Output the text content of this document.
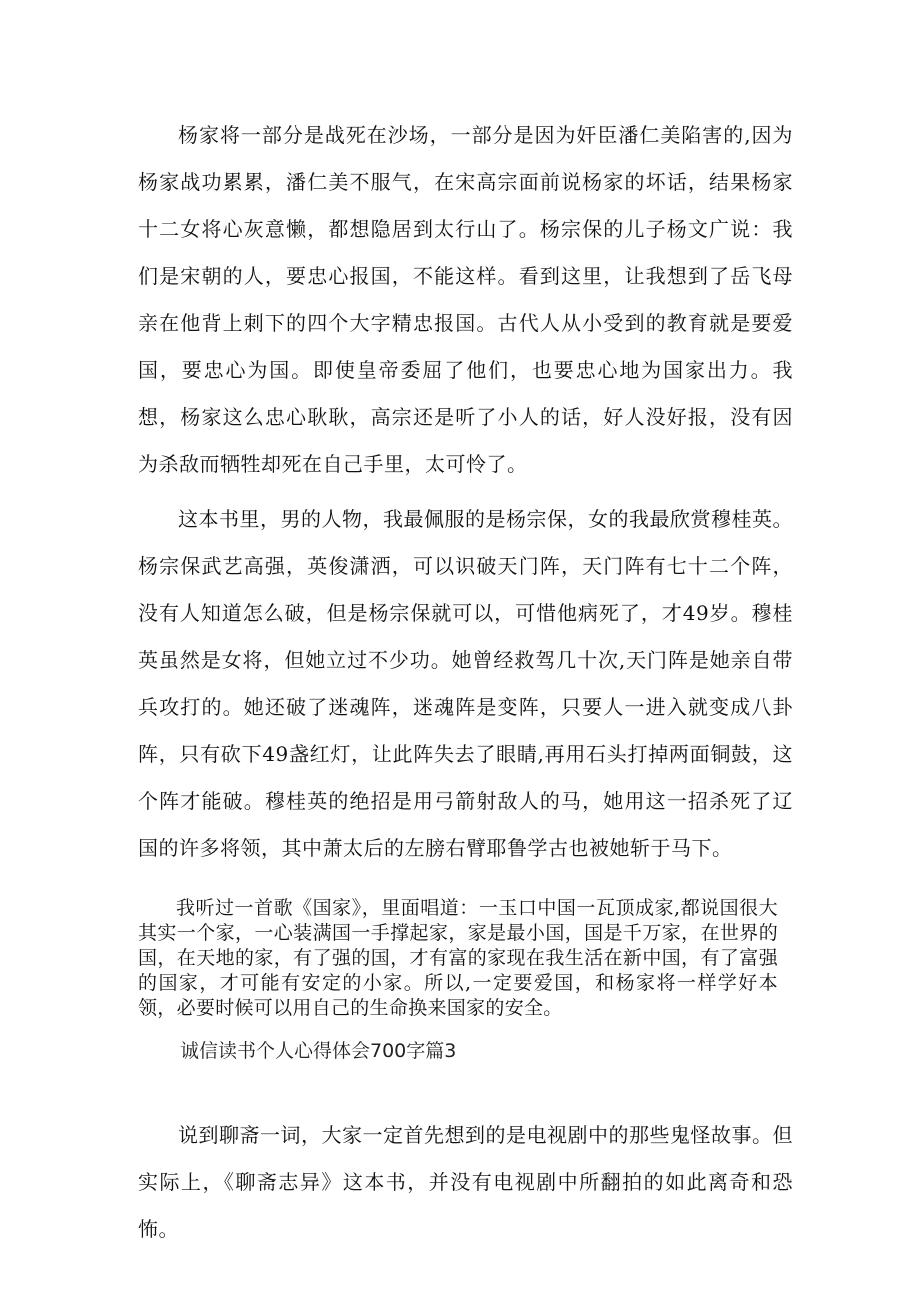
杨家将一部分是战死在沙场，一部分是因为奸臣潘仁美陷害的,因为杨家战功累累，潘仁美不服气，在宋高宗面前说杨家的坏话，结果杨家十二女将心灰意懒，都想隐居到太行山了。杨宗保的儿子杨文广说：我们是宋朝的人，要忠心报国，不能这样。看到这里，让我想到了岳飞母亲在他背上刺下的四个大字精忠报国。古代人从小受到的教育就是要爱国，要忠心为国。即使皇帝委屈了他们，也要忠心地为国家出力。我想，杨家这么忠心耿耿，高宗还是听了小人的话，好人没好报，没有因为杀敌而牺牲却死在自己手里，太可怜了。

这本书里，男的人物，我最佩服的是杨宗保，女的我最欣赏穆桂英。杨宗保武艺高强，英俊潇洒，可以识破天门阵，天门阵有七十二个阵，没有人知道怎么破，但是杨宗保就可以，可惜他病死了，才49岁。穆桂英虽然是女将，但她立过不少功。她曾经救驾几十次,天门阵是她亲自带兵攻打的。她还破了迷魂阵，迷魂阵是变阵，只要人一进入就变成八卦阵，只有砍下49盏红灯，让此阵失去了眼睛,再用石头打掉两面铜鼓，这个阵才能破。穆桂英的绝招是用弓箭射敌人的马，她用这一招杀死了辽国的许多将领，其中萧太后的左膀右臂耶鲁学古也被她斩于马下。

我听过一首歌《国家》，里面唱道：一玉口中国一瓦顶成家,都说国很大其实一个家，一心装满国一手撑起家，家是最小国，国是千万家，在世界的国，在天地的家，有了强的国，才有富的家现在我生活在新中国，有了富强的国家，才可能有安定的小家。所以,一定要爱国，和杨家将一样学好本领，必要时候可以用自己的生命换来国家的安全。

诚信读书个人心得体会700字篇3

说到聊斋一词，大家一定首先想到的是电视剧中的那些鬼怪故事。但实际上，《聊斋志异》这本书，并没有电视剧中所翻拍的如此离奇和恐怖。
